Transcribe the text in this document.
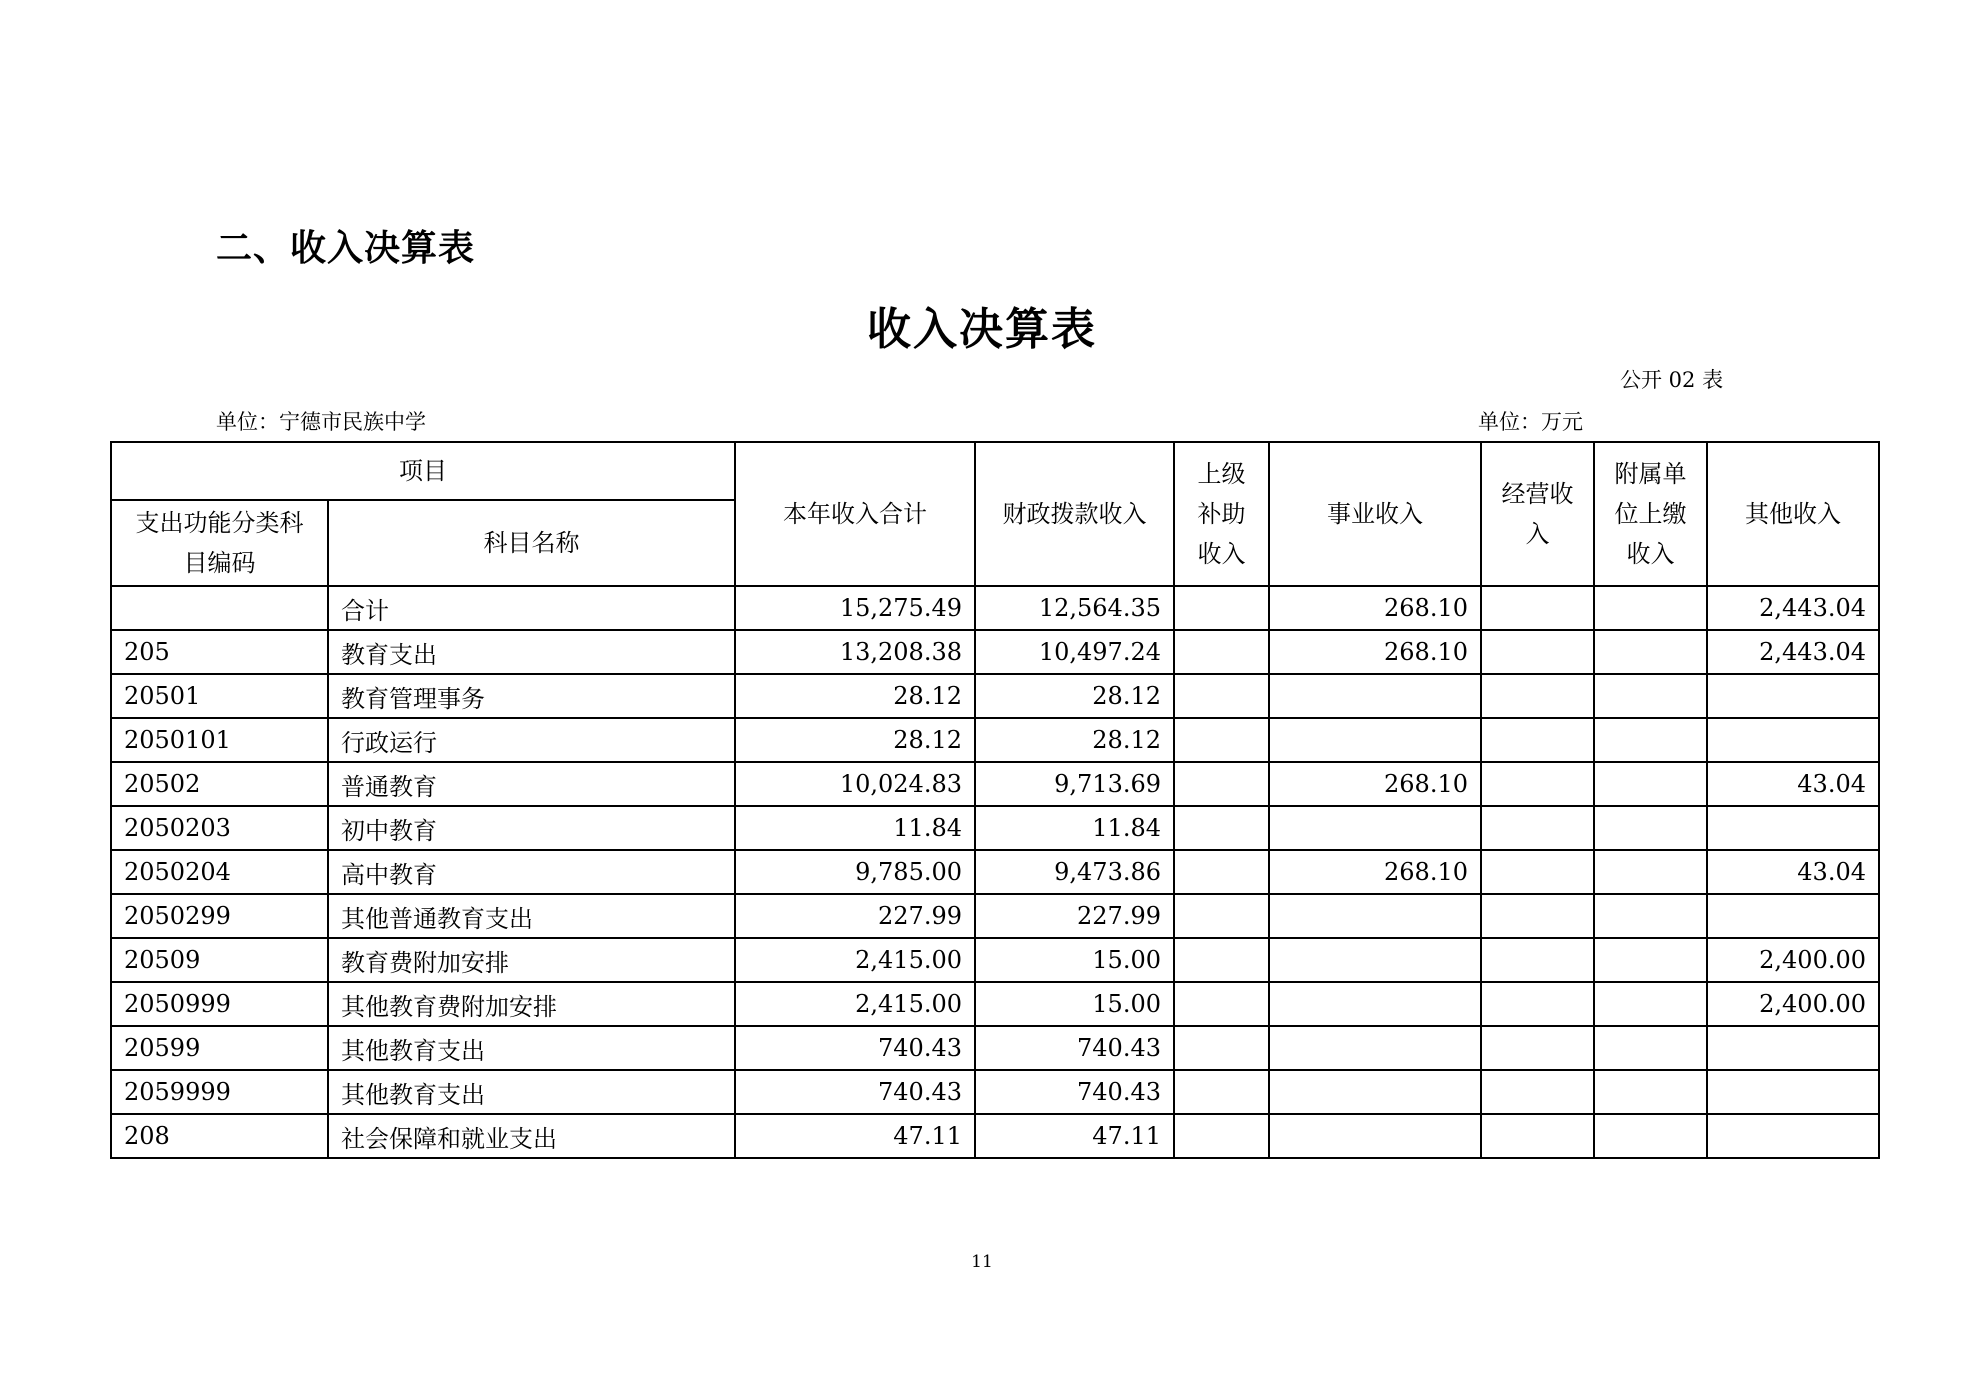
二、收入决算表
收入决算表
公开 02 表
单位：宁德市民族中学	单位：万元
项目		本年收入合计	财政拨款收入	上级补助收入	事业收入	经营收入	附属单位上缴收入	其他收入
支出功能分类科目编码	科目名称							
	合计	15,275.49	12,564.35		268.10			2,443.04
205	教育支出	13,208.38	10,497.24		268.10			2,443.04
20501	教育管理事务	28.12	28.12					
2050101	行政运行	28.12	28.12					
20502	普通教育	10,024.83	9,713.69		268.10			43.04
2050203	初中教育	11.84	11.84					
2050204	高中教育	9,785.00	9,473.86		268.10			43.04
2050299	其他普通教育支出	227.99	227.99					
20509	教育费附加安排	2,415.00	15.00					2,400.00
2050999	其他教育费附加安排	2,415.00	15.00					2,400.00
20599	其他教育支出	740.43	740.43					
2059999	其他教育支出	740.43	740.43					
208	社会保障和就业支出	47.11	47.11					
11
